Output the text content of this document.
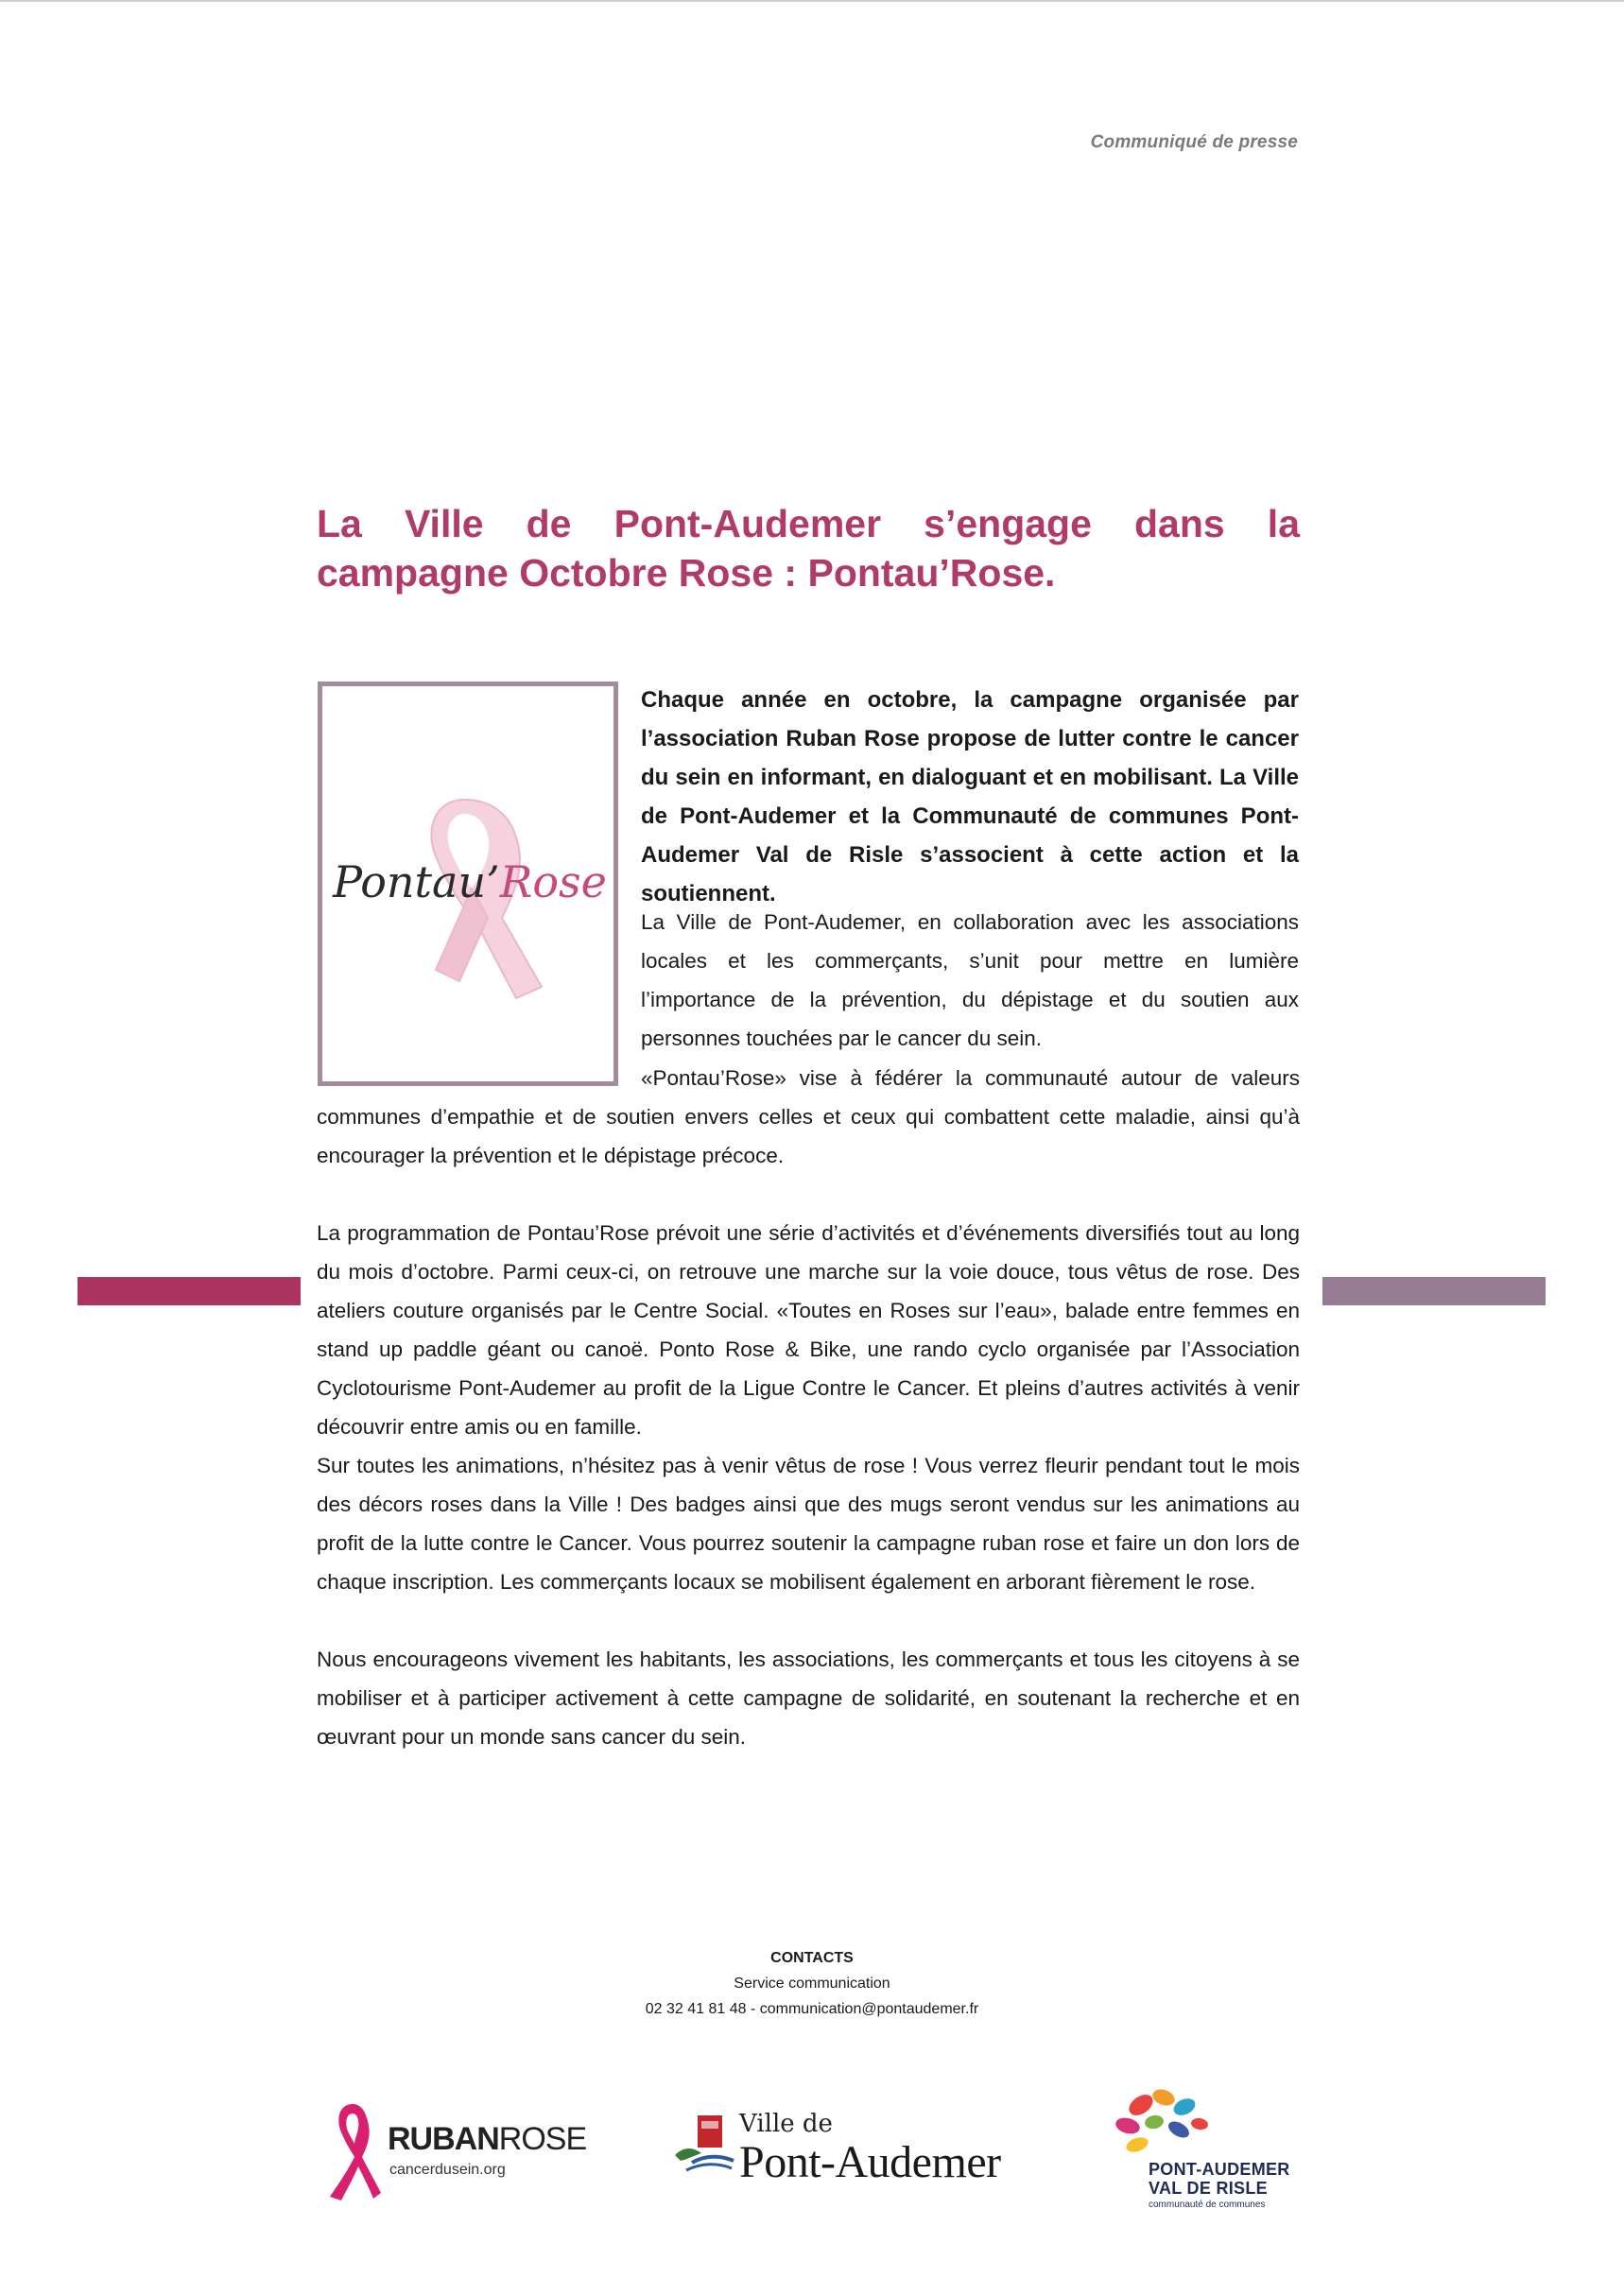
Communiqué de presse
La Ville de Pont-Audemer s’engage dans la campagne Octobre Rose : Pontau’Rose.
Pontau’Rose
Chaque année en octobre, la campagne organisée par l’association Ruban Rose propose de lutter contre le cancer du sein en informant, en dialoguant et en mobilisant. La Ville de Pont-Audemer et la Communauté de communes Pont-Audemer Val de Risle s’associent à cette action et la soutiennent.
La Ville de Pont-Audemer, en collaboration avec les associations locales et les commerçants, s’unit pour mettre en lumière l’importance de la prévention, du dépistage et du soutien aux personnes touchées par le cancer du sein.
«Pontau’Rose» vise à fédérer la communauté autour de valeurs communes d’empathie et de soutien envers celles et ceux qui combattent cette maladie, ainsi qu’à encourager la prévention et le dépistage précoce.
La programmation de Pontau’Rose prévoit une série d’activités et d’événements diversifiés tout au long du mois d’octobre. Parmi ceux-ci, on retrouve une marche sur la voie douce, tous vêtus de rose. Des ateliers couture organisés par le Centre Social. «Toutes en Roses sur l’eau», balade entre femmes en stand up paddle géant ou canoë. Ponto Rose & Bike, une rando cyclo organisée par l’Association Cyclotourisme Pont-Audemer au profit de la Ligue Contre le Cancer. Et pleins d’autres activités à venir découvrir entre amis ou en famille.
Sur toutes les animations, n’hésitez pas à venir vêtus de rose ! Vous verrez fleurir pendant tout le mois des décors roses dans la Ville ! Des badges ainsi que des mugs seront vendus sur les animations au profit de la lutte contre le Cancer. Vous pourrez soutenir la campagne ruban rose et faire un don lors de chaque inscription. Les commerçants locaux se mobilisent également en arborant fièrement le rose.
Nous encourageons vivement les habitants, les associations, les commerçants et tous les citoyens à se mobiliser et à participer activement à cette campagne de solidarité, en soutenant la recherche et en œuvrant pour un monde sans cancer du sein.
CONTACTS
Service communication
02 32 41 81 48 - communication@pontaudemer.fr
RUBANROSE
cancerdusein.org
Ville de
Pont-Audemer	PONT-AUDEMER
VAL DE RISLE
communauté de communes
